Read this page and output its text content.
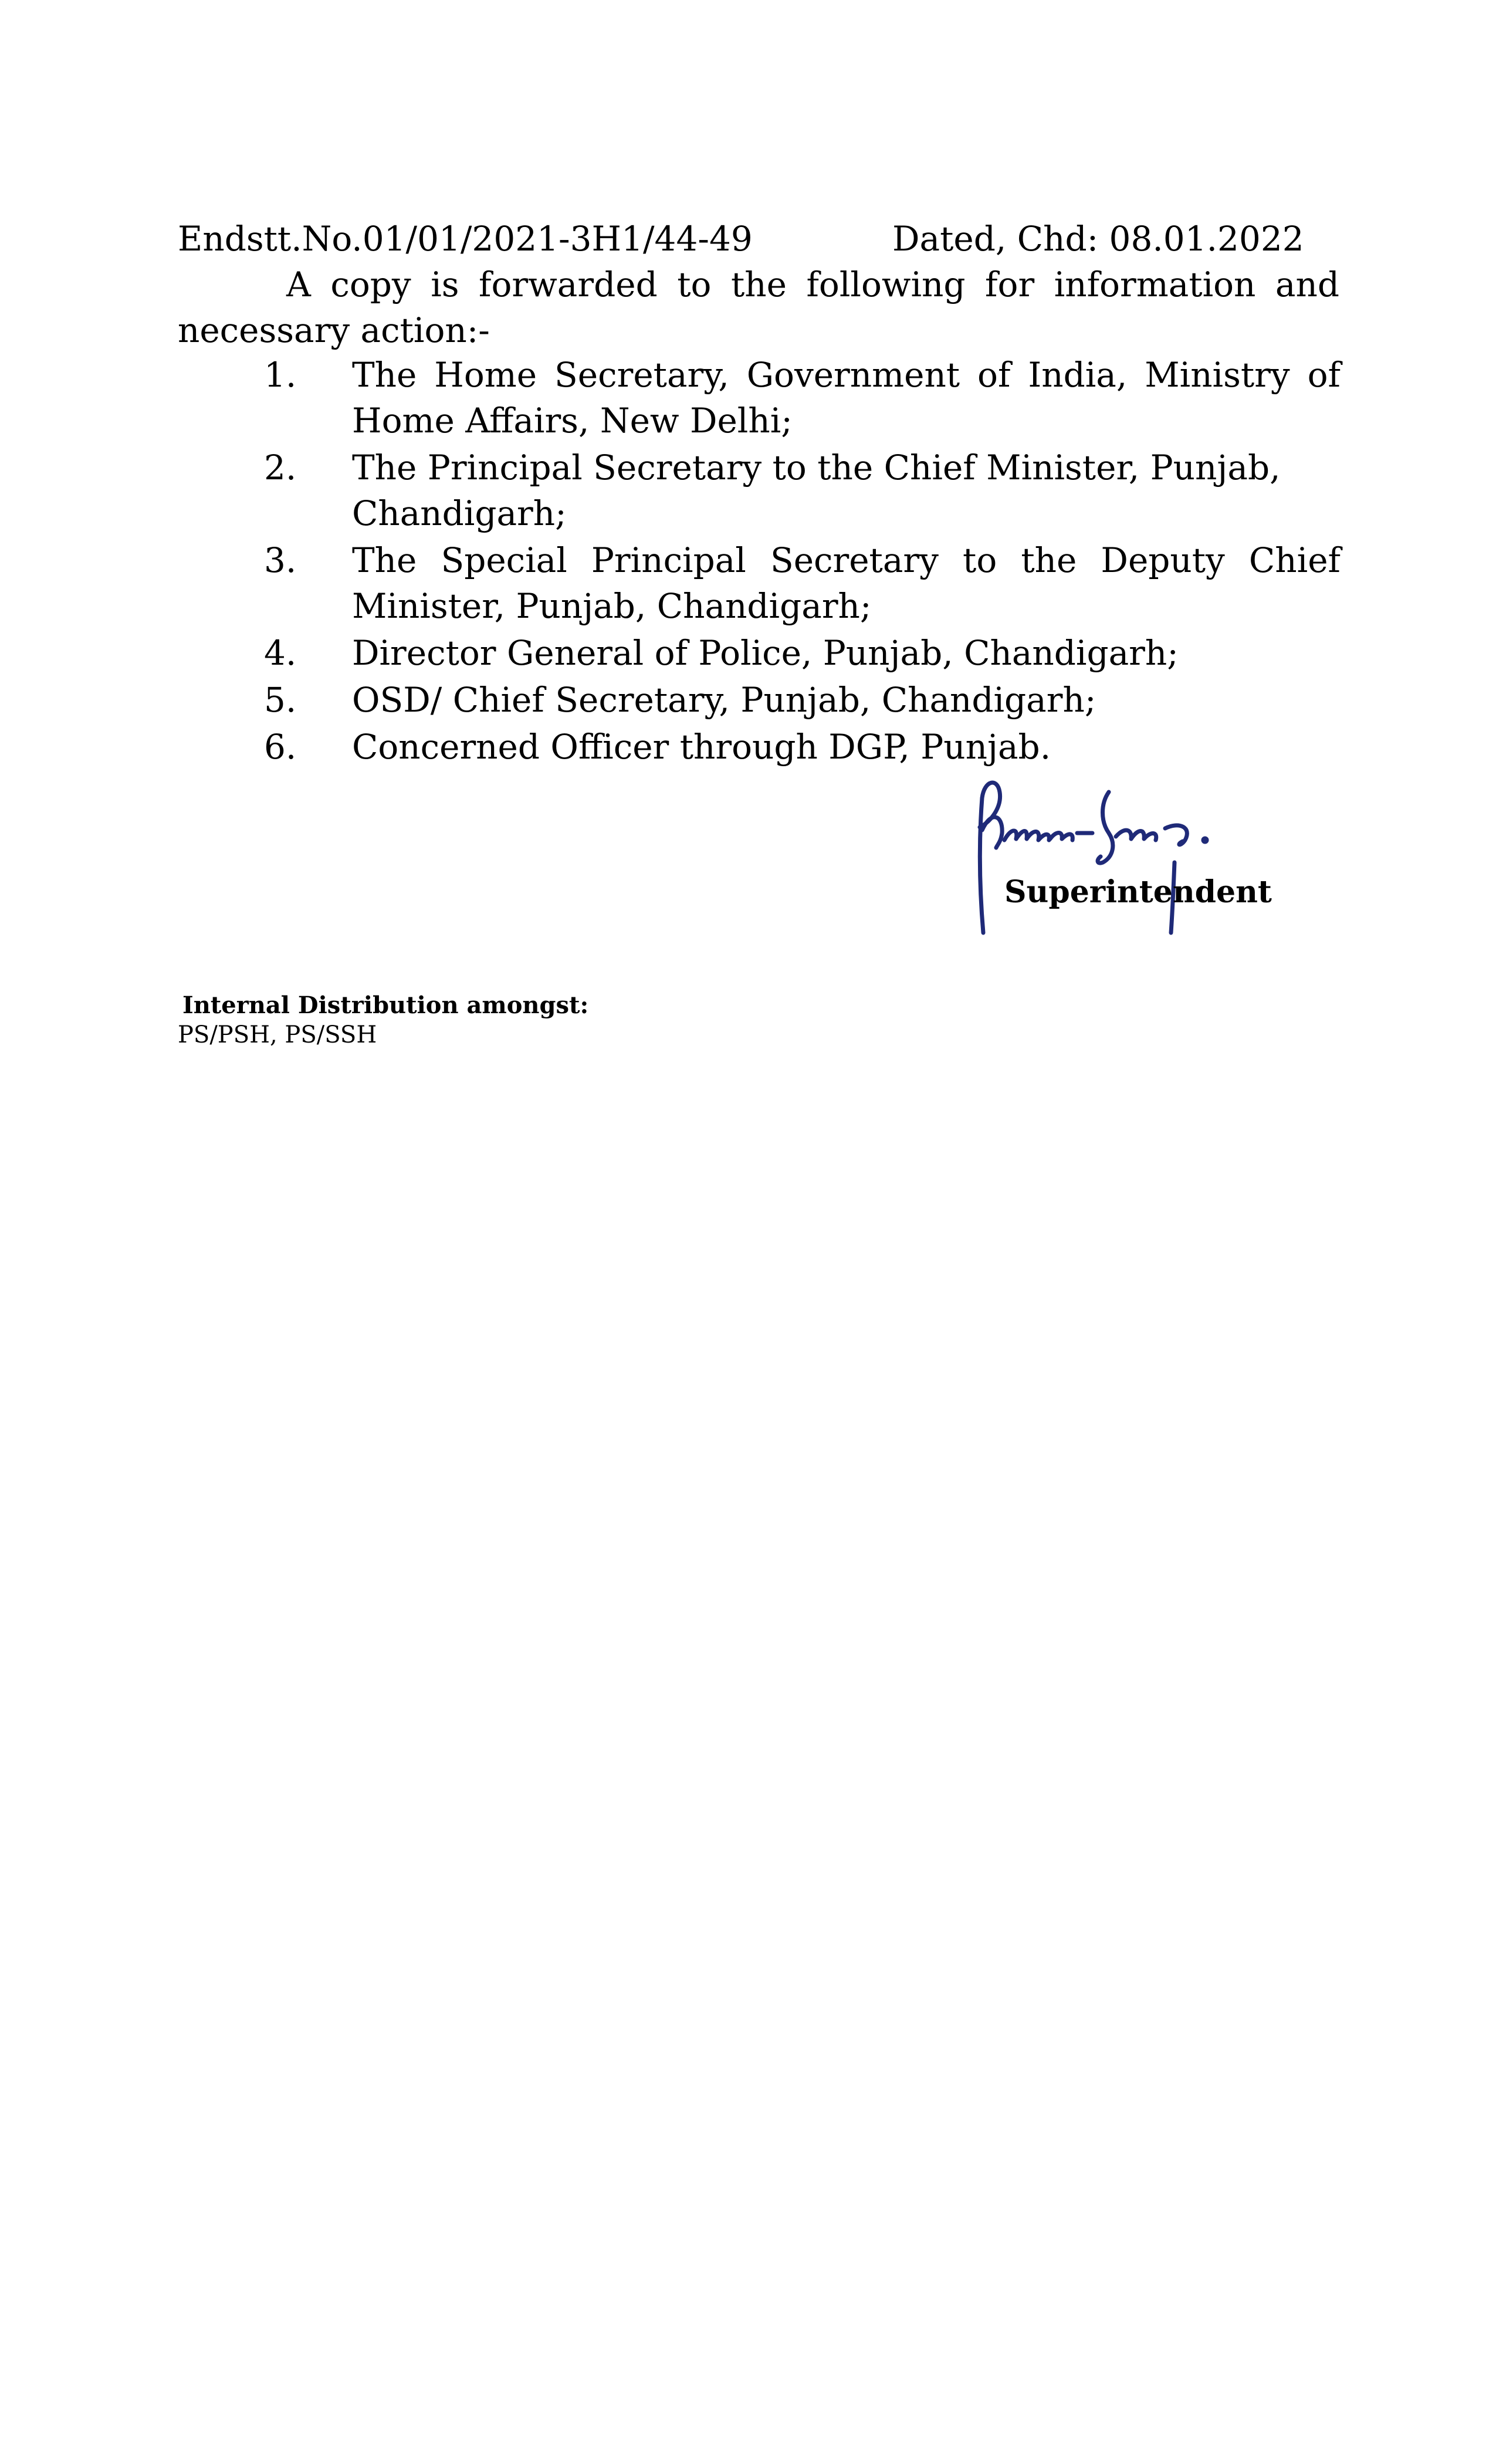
Endstt.No.01/01/2021-3H1/44-49	Dated, Chd: 08.01.2022
A copy is forwarded to the following for information and
necessary action:-
1. The Home Secretary, Government of India, Ministry of Home Affairs, New Delhi;
2. The Principal Secretary to the Chief Minister, Punjab, Chandigarh;
3. The Special Principal Secretary to the Deputy Chief Minister, Punjab, Chandigarh;
4. Director General of Police, Punjab, Chandigarh;
5. OSD/ Chief Secretary, Punjab, Chandigarh;
6. Concerned Officer through DGP, Punjab.
Superintendent
Internal Distribution amongst:
PS/PSH, PS/SSH
